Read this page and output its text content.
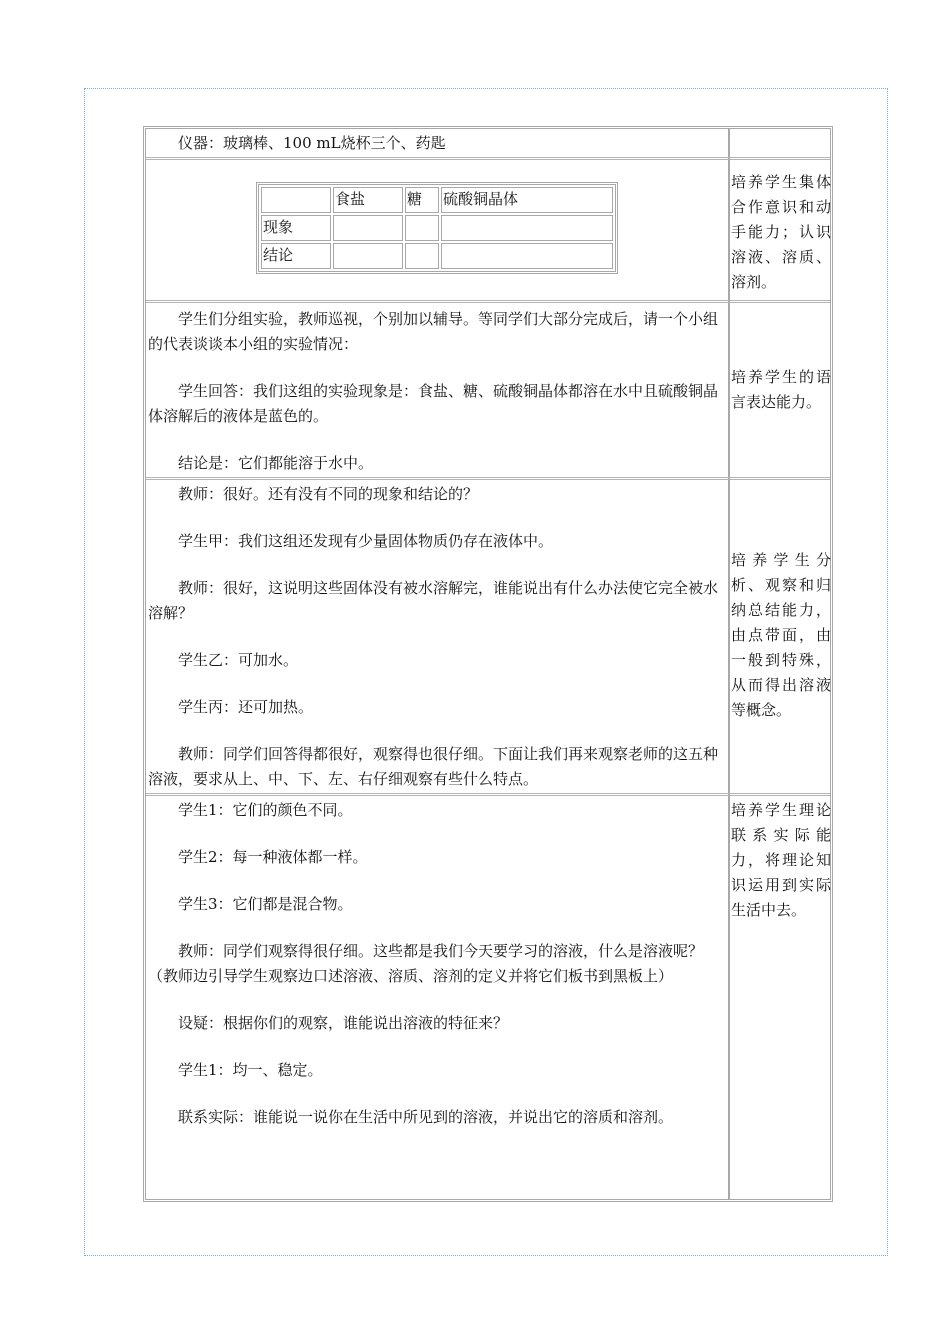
仪器：玻璃棒、100 mL烧杯三个、药匙

	食盐	糖	硫酸铜晶体
现象			
结论			
培养学生集体合作意识和动手能力；认识溶液、溶质、溶剂。

学生们分组实验，教师巡视，个别加以辅导。等同学们大部分完成后，请一个小组的代表谈谈本小组的实验情况：

学生回答：我们这组的实验现象是：食盐、糖、硫酸铜晶体都溶在水中且硫酸铜晶体溶解后的液体是蓝色的。

结论是：它们都能溶于水中。

培养学生的语言表达能力。

教师：很好。还有没有不同的现象和结论的？

学生甲：我们这组还发现有少量固体物质仍存在液体中。

教师：很好，这说明这些固体没有被水溶解完，谁能说出有什么办法使它完全被水溶解？

学生乙：可加水。

学生丙：还可加热。

教师：同学们回答得都很好，观察得也很仔细。下面让我们再来观察老师的这五种溶液，要求从上、中、下、左、右仔细观察有些什么特点。

培养学生分析、观察和归纳总结能力，由点带面，由一般到特殊，从而得出溶液等概念。

学生1：它们的颜色不同。

学生2：每一种液体都一样。

学生3：它们都是混合物。

教师：同学们观察得很仔细。这些都是我们今天要学习的溶液，什么是溶液呢？（教师边引导学生观察边口述溶液、溶质、溶剂的定义并将它们板书到黑板上）

设疑：根据你们的观察，谁能说出溶液的特征来？

学生1：均一、稳定。

联系实际：谁能说一说你在生活中所见到的溶液，并说出它的溶质和溶剂。

培养学生理论联系实际能力，将理论知识运用到实际生活中去。
